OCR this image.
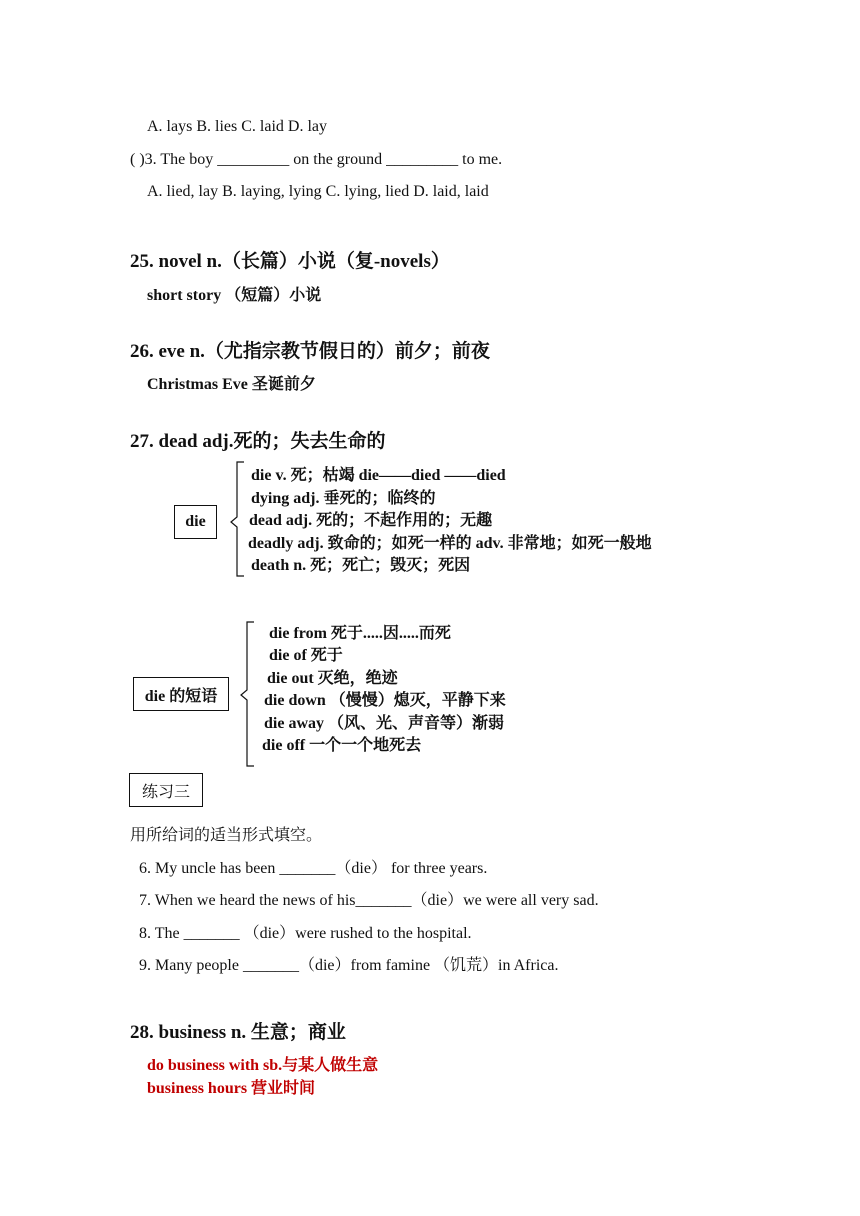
A. lays B. lies C. laid D. lay
( )3. The boy _________ on the ground _________ to me.
A. lied, lay B. laying, lying C. lying, lied D. laid, laid
25. novel n.（长篇）小说（复-novels）
short story （短篇）小说
26. eve n.（尤指宗教节假日的）前夕；前夜
Christmas Eve 圣诞前夕
27. dead adj.死的；失去生命的
die
die v. 死；枯竭 die——died ——died
dying adj. 垂死的；临终的
dead adj. 死的；不起作用的；无趣
deadly adj. 致命的；如死一样的 adv. 非常地；如死一般地
death n. 死；死亡；毁灭；死因
die 的短语
die from 死于.....因.....而死
die of 死于
die out 灭绝，绝迹
die down （慢慢）熄灭，平静下来
die away （风、光、声音等）渐弱
die off 一个一个地死去
练习三
用所给词的适当形式填空。
6. My uncle has been _______（die） for three years.
7. When we heard the news of his_______（die）we were all very sad.
8. The _______ （die）were rushed to the hospital.
9. Many people _______（die）from famine （饥荒）in Africa.
28. business n. 生意；商业
do business with sb.与某人做生意
business hours 营业时间
